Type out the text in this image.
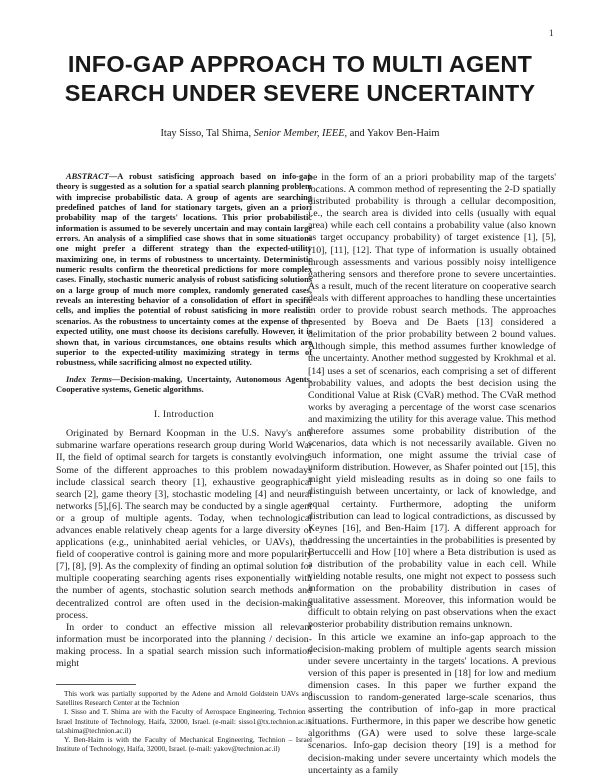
1
INFO-GAP APPROACH TO MULTI AGENT
SEARCH UNDER SEVERE UNCERTAINTY
Itay Sisso, Tal Shima, Senior Member, IEEE, and Yakov Ben-Haim

ABSTRACT—A robust satisficing approach based on info-gap theory is suggested as a solution for a spatial search planning problem with imprecise probabilistic data. A group of agents are searching predefined patches of land for stationary targets, given an a priori probability map of the targets' locations. This prior probabilistic information is assumed to be severely uncertain and may contain large errors. An analysis of a simplified case shows that in some situations one might prefer a different strategy than the expected-utility maximizing one, in terms of robustness to uncertainty. Deterministic numeric results confirm the theoretical predictions for more complex cases. Finally, stochastic numeric analysis of robust satisficing solutions on a large group of much more complex, randomly generated cases, reveals an interesting behavior of a consolidation of effort in specific cells, and implies the potential of robust satisficing in more realistic scenarios. As the robustness to uncertainty comes at the expense of the expected utility, one must choose its decisions carefully. However, it is shown that, in various circumstances, one obtains results which are superior to the expected-utility maximizing strategy in terms of robustness, while sacrificing almost no expected utility.

Index Terms—Decision-making, Uncertainty, Autonomous Agents, Cooperative systems, Genetic algorithms.

I. Introduction

Originated by Bernard Koopman in the U.S. Navy's anti submarine warfare operations research group during World War II, the field of optimal search for targets is constantly evolving. Some of the different approaches to this problem nowadays include classical search theory [1], exhaustive geographical search [2], game theory [3], stochastic modeling [4] and neural networks [5],[6]. The search may be conducted by a single agent or a group of multiple agents. Today, when technological advances enable relatively cheap agents for a large diversity of applications (e.g., uninhabited aerial vehicles, or UAVs), the field of cooperative control is gaining more and more popularity [7], [8], [9]. As the complexity of finding an optimal solution for multiple cooperating searching agents rises exponentially with the number of agents, stochastic solution search methods and decentralized control are often used in the decision-making process.

In order to conduct an effective mission all relevant information must be incorporated into the planning / decision-making process. In a spatial search mission such information might

This work was partially supported by the Adene and Arnold Goldstein UAVs and Satellites Research Center at the Technion

I. Sisso and T. Shima are with the Faculty of Aerospace Engineering, Technion – Israel Institute of Technology, Haifa, 32000, Israel. (e-mail: sisso1@tx.technion.ac.il; tal.shima@technion.ac.il)

Y. Ben-Haim is with the Faculty of Mechanical Engineering, Technion – Israel Institute of Technology, Haifa, 32000, Israel. (e-mail: yakov@technion.ac.il)

be in the form of an a priori probability map of the targets' locations. A common method of representing the 2-D spatially distributed probability is through a cellular decomposition, i.e., the search area is divided into cells (usually with equal area) while each cell contains a probability value (also known as target occupancy probability) of target existence [1], [5], [10], [11], [12]. That type of information is usually obtained through assessments and various possibly noisy intelligence gathering sensors and therefore prone to severe uncertainties. As a result, much of the recent literature on cooperative search deals with different approaches to handling these uncertainties in order to provide robust search methods. The approaches presented by Boeva and De Baets [13] considered a delimitation of the prior probability between 2 bound values. Although simple, this method assumes further knowledge of the uncertainty. Another method suggested by Krokhmal et al. [14] uses a set of scenarios, each comprising a set of different probability values, and adopts the best decision using the Conditional Value at Risk (CVaR) method. The CVaR method works by averaging a percentage of the worst case scenarios and maximizing the utility for this average value. This method therefore assumes some probability distribution of the scenarios, data which is not necessarily available. Given no such information, one might assume the trivial case of uniform distribution. However, as Shafer pointed out [15], this might yield misleading results as in doing so one fails to distinguish between uncertainty, or lack of knowledge, and equal certainty. Furthermore, adopting the uniform distribution can lead to logical contradictions, as discussed by Keynes [16], and Ben-Haim [17]. A different approach for addressing the uncertainties in the probabilities is presented by Bertuccelli and How [10] where a Beta distribution is used as a distribution of the probability value in each cell. While yielding notable results, one might not expect to possess such information on the probability distribution in cases of qualitative assessment. Moreover, this information would be difficult to obtain relying on past observations when the exact posterior probability distribution remains unknown.

In this article we examine an info-gap approach to the decision-making problem of multiple agents search mission under severe uncertainty in the targets' locations. A previous version of this paper is presented in [18] for low and medium dimension cases. In this paper we further expand the discussion to random-generated large-scale scenarios, thus asserting the contribution of info-gap in more practical situations. Furthermore, in this paper we describe how genetic algorithms (GA) were used to solve these large-scale scenarios. Info-gap decision theory [19] is a method for decision-making under severe uncertainty which models the uncertainty as a family
